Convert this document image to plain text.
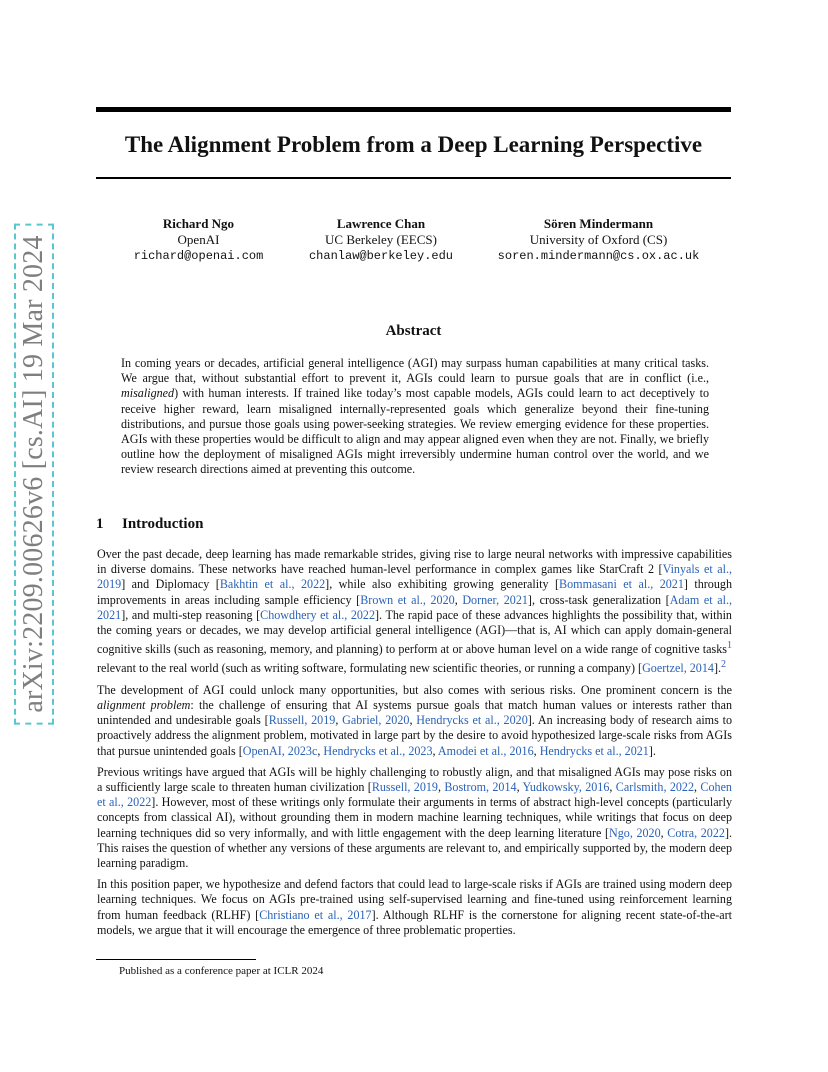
arXiv:2209.00626v6 [cs.AI] 19 Mar 2024
The Alignment Problem from a Deep Learning Perspective
Richard Ngo
OpenAI
richard@openai.com
Lawrence Chan
UC Berkeley (EECS)
chanlaw@berkeley.edu
Sören Mindermann
University of Oxford (CS)
soren.mindermann@cs.ox.ac.uk
Abstract

In coming years or decades, artificial general intelligence (AGI) may surpass human capabilities at many critical tasks. We argue that, without substantial effort to prevent it, AGIs could learn to pursue goals that are in conflict (i.e., misaligned) with human interests. If trained like today’s most capable models, AGIs could learn to act deceptively to receive higher reward, learn misaligned internally-represented goals which generalize beyond their fine-tuning distributions, and pursue those goals using power-seeking strategies. We review emerging evidence for these properties. AGIs with these properties would be difficult to align and may appear aligned even when they are not. Finally, we briefly outline how the deployment of misaligned AGIs might irreversibly undermine human control over the world, and we review research directions aimed at preventing this outcome.

1 Introduction

Over the past decade, deep learning has made remarkable strides, giving rise to large neural networks with impressive capabilities in diverse domains. These networks have reached human-level performance in complex games like StarCraft 2 [Vinyals et al., 2019] and Diplomacy [Bakhtin et al., 2022], while also exhibiting growing generality [Bommasani et al., 2021] through improvements in areas including sample efficiency [Brown et al., 2020, Dorner, 2021], cross-task generalization [Adam et al., 2021], and multi-step reasoning [Chowdhery et al., 2022]. The rapid pace of these advances highlights the possibility that, within the coming years or decades, we may develop artificial general intelligence (AGI)—that is, AI which can apply domain-general cognitive skills (such as reasoning, memory, and planning) to perform at or above human level on a wide range of cognitive tasks$^1$ relevant to the real world (such as writing software, formulating new scientific theories, or running a company) [Goertzel, 2014].$^2$

The development of AGI could unlock many opportunities, but also comes with serious risks. One prominent concern is the alignment problem: the challenge of ensuring that AI systems pursue goals that match human values or interests rather than unintended and undesirable goals [Russell, 2019, Gabriel, 2020, Hendrycks et al., 2020]. An increasing body of research aims to proactively address the alignment problem, motivated in large part by the desire to avoid hypothesized large-scale risks from AGIs that pursue unintended goals [OpenAI, 2023c, Hendrycks et al., 2023, Amodei et al., 2016, Hendrycks et al., 2021].

Previous writings have argued that AGIs will be highly challenging to robustly align, and that misaligned AGIs may pose risks on a sufficiently large scale to threaten human civilization [Russell, 2019, Bostrom, 2014, Yudkowsky, 2016, Carlsmith, 2022, Cohen et al., 2022]. However, most of these writings only formulate their arguments in terms of abstract high-level concepts (particularly concepts from classical AI), without grounding them in modern machine learning techniques, while writings that focus on deep learning techniques did so very informally, and with little engagement with the deep learning literature [Ngo, 2020, Cotra, 2022]. This raises the question of whether any versions of these arguments are relevant to, and empirically supported by, the modern deep learning paradigm.

In this position paper, we hypothesize and defend factors that could lead to large-scale risks if AGIs are trained using modern deep learning techniques. We focus on AGIs pre-trained using self-supervised learning and fine-tuned using reinforcement learning from human feedback (RLHF) [Christiano et al., 2017]. Although RLHF is the cornerstone for aligning recent state-of-the-art models, we argue that it will encourage the emergence of three problematic properties.

Published as a conference paper at ICLR 2024
